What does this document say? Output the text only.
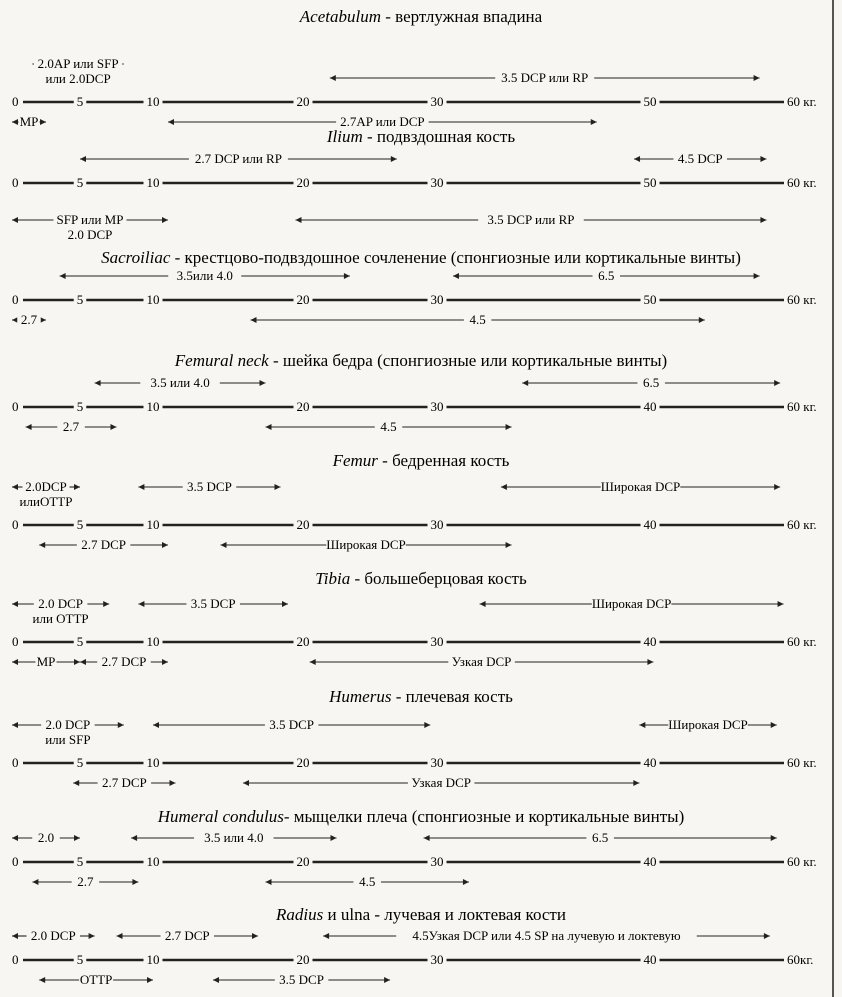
Acetabulum - вертлужная впадина
0	5	10	20	30	50	60 кг.
2.0AP или SFP
или 2.0DCP	3.5 DCP или RP
MP	2.7AP или DCP
Ilium - подвздошная кость
0	5	10	20	30	50	60 кг.
2.7 DCP или RP	4.5 DCP
SFP или MP
2.0 DCP
3.5 DCP или RP
Sacroiliac - крестцово-подвздошное сочленение (спонгиозные или кортикальные винты)
0	5	10	20	30	50	60 кг.
3.5или 4.0	6.5
2.7	4.5
Femural neck - шейка бедра (спонгиозные или кортикальные винты)
0	5	10	20	30	40	60 кг.
3.5 или 4.0	6.5
2.7	4.5
Femur - бедренная кость
0	5	10	20	30	40	60 кг.
2.0DCP
илиOTTP
3.5 DCP	Широкая DCP
2.7 DCP	Широкая DCP
Tibia - большеберцовая кость
0	5	10	20	30	40	60 кг.
2.0 DCP
или OTTP
3.5 DCP	Широкая DCP
MP	2.7 DCP	Узкая DCP
Humerus - плечевая кость
0	5	10	20	30	40	60 кг.
2.0 DCP
или SFP
3.5 DCP	Широкая DCP
2.7 DCP	Узкая DCP
Humeral condulus- мыщелки плеча (спонгиозные и кортикальные винты)
0	5	10	20	30	40	60 кг.
2.0	3.5 или 4.0	6.5
2.7	4.5
Radius и ulna - лучевая и локтевая кости
0	5	10	20	30	40	60кг.
2.0 DCP	2.7 DCP	4.5Узкая DCP или 4.5 SP на лучевую и локтевую
OTTP	3.5 DCP
